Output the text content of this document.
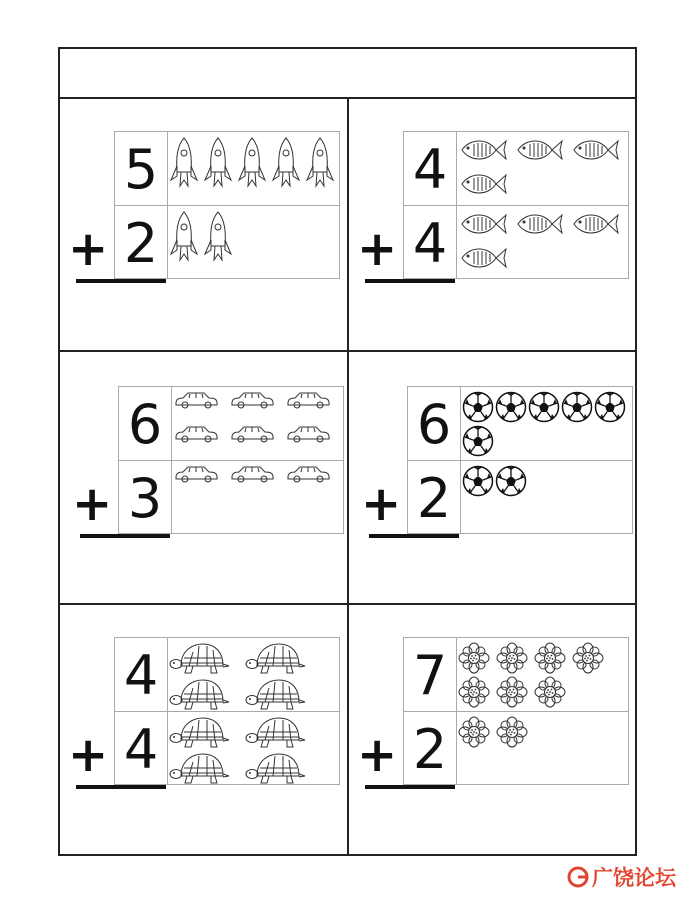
5
2
+
4
4
+
6
3
+
6
2
+
4
4
+
7
2
+
广饶论坛
